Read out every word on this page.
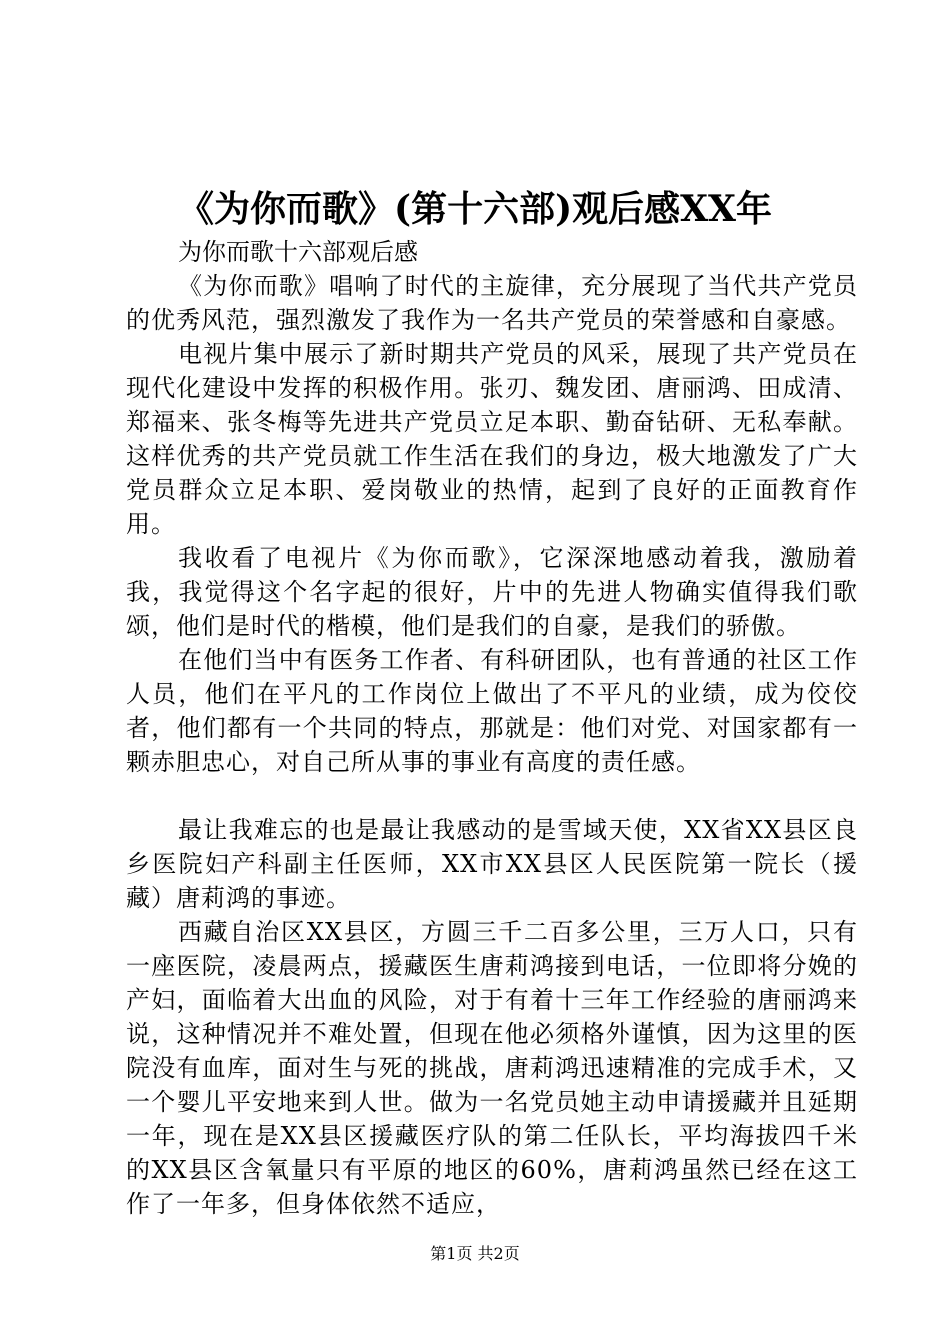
《为你而歌》(第十六部)观后感XX年

为你而歌十六部观后感

《为你而歌》唱响了时代的主旋律，充分展现了当代共产党员的优秀风范，强烈激发了我作为一名共产党员的荣誉感和自豪感。

电视片集中展示了新时期共产党员的风采，展现了共产党员在现代化建设中发挥的积极作用。张刃、魏发团、唐丽鸿、田成清、郑福来、张冬梅等先进共产党员立足本职、勤奋钻研、无私奉献。这样优秀的共产党员就工作生活在我们的身边，极大地激发了广大党员群众立足本职、爱岗敬业的热情，起到了良好的正面教育作用。

我收看了电视片《为你而歌》，它深深地感动着我，激励着我，我觉得这个名字起的很好，片中的先进人物确实值得我们歌颂，他们是时代的楷模，他们是我们的自豪，是我们的骄傲。

在他们当中有医务工作者、有科研团队，也有普通的社区工作人员，他们在平凡的工作岗位上做出了不平凡的业绩，成为佼佼者，他们都有一个共同的特点，那就是：他们对党、对国家都有一颗赤胆忠心，对自己所从事的事业有高度的责任感。

最让我难忘的也是最让我感动的是雪域天使，XX省XX县区良乡医院妇产科副主任医师，XX市XX县区人民医院第一院长（援藏）唐莉鸿的事迹。

西藏自治区XX县区，方圆三千二百多公里，三万人口，只有一座医院，凌晨两点，援藏医生唐莉鸿接到电话，一位即将分娩的产妇，面临着大出血的风险，对于有着十三年工作经验的唐丽鸿来说，这种情况并不难处置，但现在他必须格外谨慎，因为这里的医院没有血库，面对生与死的挑战，唐莉鸿迅速精准的完成手术，又一个婴儿平安地来到人世。做为一名党员她主动申请援藏并且延期一年，现在是XX县区援藏医疗队的第二任队长，平均海拔四千米的XX县区含氧量只有平原的地区的60%，唐莉鸿虽然已经在这工作了一年多，但身体依然不适应，

第1页 共2页
